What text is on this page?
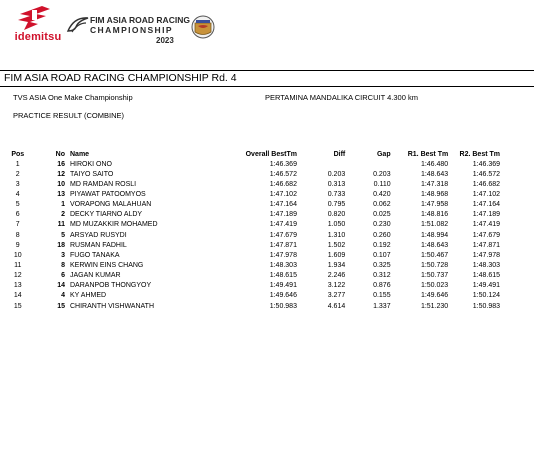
idemitsu
FIM ASIA ROAD RACING
CHAMPIONSHIP
2023
FIM ASIA ROAD RACING CHAMPIONSHIP Rd. 4
TVS ASIA One Make Championship	PERTAMINA MANDALIKA CIRCUIT 4.300 km
PRACTICE RESULT (COMBINE)
Pos	No	Name	Overall BestTm	Diff	Gap	R1. Best Tm	R2. Best Tm
1	16	HIROKI ONO	1:46.369			1:46.480	1:46.369
2	12	TAIYO SAITO	1:46.572	0.203	0.203	1:48.643	1:46.572
3	10	MD RAMDAN ROSLI	1:46.682	0.313	0.110	1:47.318	1:46.682
4	13	PIYAWAT PATOOMYOS	1:47.102	0.733	0.420	1:48.968	1:47.102
5	1	VORAPONG MALAHUAN	1:47.164	0.795	0.062	1:47.958	1:47.164
6	2	DECKY TIARNO ALDY	1:47.189	0.820	0.025	1:48.816	1:47.189
7	11	MD MUZAKKIR MOHAMED	1:47.419	1.050	0.230	1:51.082	1:47.419
8	5	ARSYAD RUSYDI	1:47.679	1.310	0.260	1:48.994	1:47.679
9	18	RUSMAN FADHIL	1:47.871	1.502	0.192	1:48.643	1:47.871
10	3	FUGO TANAKA	1:47.978	1.609	0.107	1:50.467	1:47.978
11	8	KERWIN EINS CHANG	1:48.303	1.934	0.325	1:50.728	1:48.303
12	6	JAGAN KUMAR	1:48.615	2.246	0.312	1:50.737	1:48.615
13	14	DARANPOB THONGYOY	1:49.491	3.122	0.876	1:50.023	1:49.491
14	4	KY AHMED	1:49.646	3.277	0.155	1:49.646	1:50.124
15	15	CHIRANTH VISHWANATH	1:50.983	4.614	1.337	1:51.230	1:50.983
